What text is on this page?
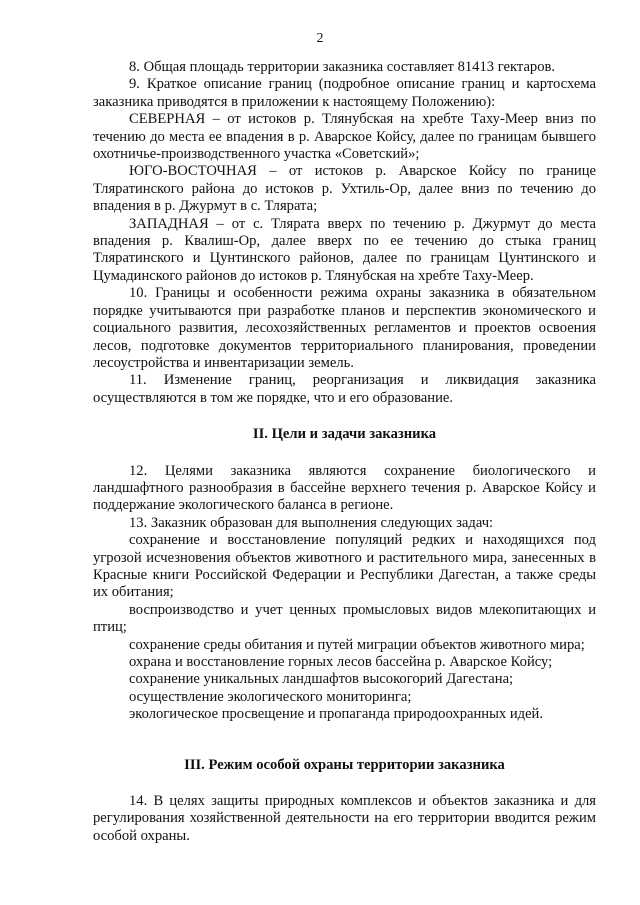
2

8. Общая площадь территории заказника составляет 81413 гектаров.

9. Краткое описание границ (подробное описание границ и картосхема заказника приводятся в приложении к настоящему Положению):

СЕВЕРНАЯ – от истоков р. Тлянубская на хребте Таху-Меер вниз по течению до места ее впадения в р. Аварское Койсу, далее по границам бывшего охотничье-производственного участка «Советский»;

ЮГО-ВОСТОЧНАЯ – от истоков р. Аварское Койсу по границе Тляратинского района до истоков р. Ухтиль-Ор, далее вниз по течению до впадения в р. Джурмут в с. Тлярата;

ЗАПАДНАЯ – от с. Тлярата вверх по течению р. Джурмут до места впадения р. Квалиш-Ор, далее вверх по ее течению до стыка границ Тляратинского и Цунтинского районов, далее по границам Цунтинского и Цумадинского районов до истоков р. Тлянубская на хребте Таху-Меер.

10. Границы и особенности режима охраны заказника в обязательном порядке учитываются при разработке планов и перспектив экономического и социального развития, лесохозяйственных регламентов и проектов освоения лесов, подготовке документов территориального планирования, проведении лесоустройства и инвентаризации земель.

11. Изменение границ, реорганизация и ликвидация заказника осуществляются в том же порядке, что и его образование.

II. Цели и задачи заказника

12. Целями заказника являются сохранение биологического и ландшафтного разнообразия в бассейне верхнего течения р. Аварское Койсу и поддержание экологического баланса в регионе.

13. Заказник образован для выполнения следующих задач:

сохранение и восстановление популяций редких и находящихся под угрозой исчезновения объектов животного и растительного мира, занесенных в Красные книги Российской Федерации и Республики Дагестан, а также среды их обитания;

воспроизводство и учет ценных промысловых видов млекопитающих и птиц;

сохранение среды обитания и путей миграции объектов животного мира;

охрана и восстановление горных лесов бассейна р. Аварское Койсу;

сохранение уникальных ландшафтов высокогорий Дагестана;

осуществление экологического мониторинга;

экологическое просвещение и пропаганда природоохранных идей.

III. Режим особой охраны территории заказника

14. В целях защиты природных комплексов и объектов заказника и для регулирования хозяйственной деятельности на его территории вводится режим особой охраны.
